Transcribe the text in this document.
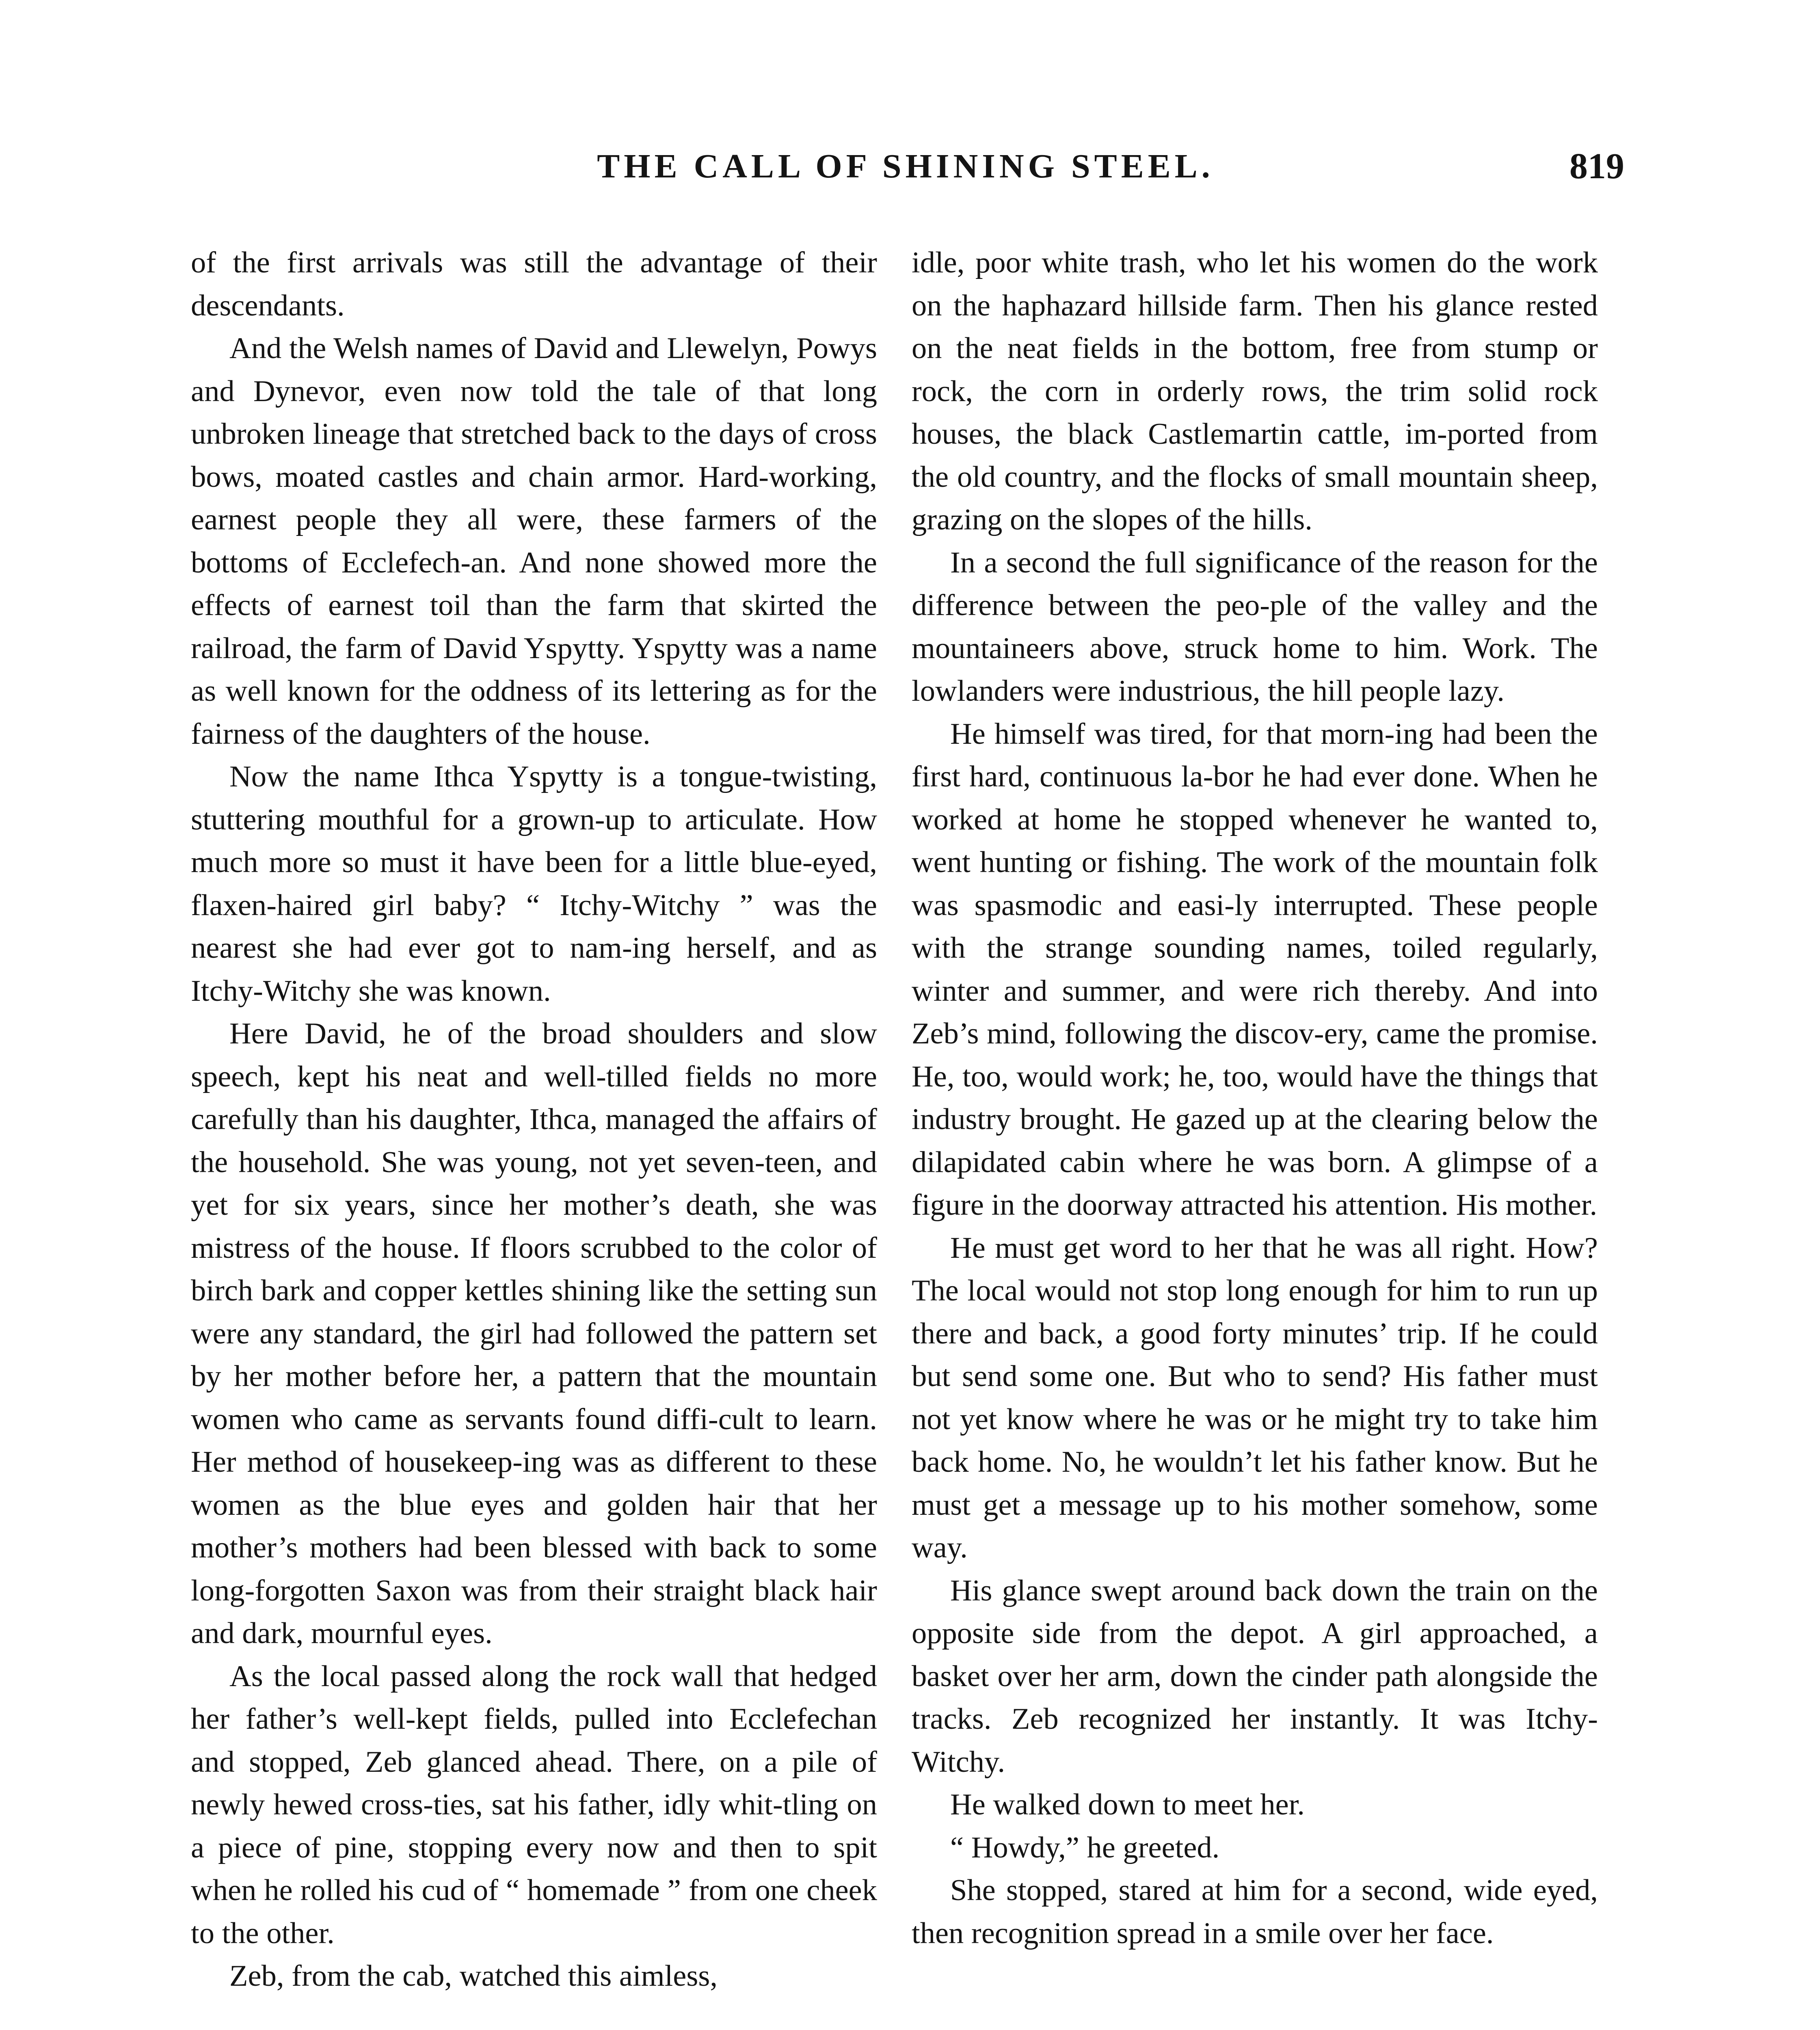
THE CALL OF SHINING STEEL.	819

of the first arrivals was still the advantage of their descendants.

And the Welsh names of David and Llewelyn, Powys and Dynevor, even now told the tale of that long unbroken lineage that stretched back to the days of cross bows, moated castles and chain armor. Hard-working, earnest people they all were, these farmers of the bottoms of Ecclefech-an. And none showed more the effects of earnest toil than the farm that skirted the railroad, the farm of David Yspytty. Yspytty was a name as well known for the oddness of its lettering as for the fairness of the daughters of the house.

Now the name Ithca Yspytty is a tongue-twisting, stuttering mouthful for a grown-up to articulate. How much more so must it have been for a little blue-eyed, flaxen-haired girl baby? “ Itchy-Witchy ” was the nearest she had ever got to nam-ing herself, and as Itchy-Witchy she was known.

Here David, he of the broad shoulders and slow speech, kept his neat and well-tilled fields no more carefully than his daughter, Ithca, managed the affairs of the household. She was young, not yet seven-teen, and yet for six years, since her mother’s death, she was mistress of the house. If floors scrubbed to the color of birch bark and copper kettles shining like the setting sun were any standard, the girl had followed the pattern set by her mother before her, a pattern that the mountain women who came as servants found diffi-cult to learn. Her method of housekeep-ing was as different to these women as the blue eyes and golden hair that her mother’s mothers had been blessed with back to some long-forgotten Saxon was from their straight black hair and dark, mournful eyes.

As the local passed along the rock wall that hedged her father’s well-kept fields, pulled into Ecclefechan and stopped, Zeb glanced ahead. There, on a pile of newly hewed cross-ties, sat his father, idly whit-tling on a piece of pine, stopping every now and then to spit when he rolled his cud of “ homemade ” from one cheek to the other.

Zeb, from the cab, watched this aimless,

idle, poor white trash, who let his women do the work on the haphazard hillside farm. Then his glance rested on the neat fields in the bottom, free from stump or rock, the corn in orderly rows, the trim solid rock houses, the black Castlemartin cattle, im-ported from the old country, and the flocks of small mountain sheep, grazing on the slopes of the hills.

In a second the full significance of the reason for the difference between the peo-ple of the valley and the mountaineers above, struck home to him. Work. The lowlanders were industrious, the hill people lazy.

He himself was tired, for that morn-ing had been the first hard, continuous la-bor he had ever done. When he worked at home he stopped whenever he wanted to, went hunting or fishing. The work of the mountain folk was spasmodic and easi-ly interrupted. These people with the strange sounding names, toiled regularly, winter and summer, and were rich thereby. And into Zeb’s mind, following the discov-ery, came the promise. He, too, would work; he, too, would have the things that industry brought. He gazed up at the clearing below the dilapidated cabin where he was born. A glimpse of a figure in the doorway attracted his attention. His mother.

He must get word to her that he was all right. How? The local would not stop long enough for him to run up there and back, a good forty minutes’ trip. If he could but send some one. But who to send? His father must not yet know where he was or he might try to take him back home. No, he wouldn’t let his father know. But he must get a message up to his mother somehow, some way.

His glance swept around back down the train on the opposite side from the depot. A girl approached, a basket over her arm, down the cinder path alongside the tracks. Zeb recognized her instantly. It was Itchy-Witchy.

He walked down to meet her.

“ Howdy,” he greeted.

She stopped, stared at him for a second, wide eyed, then recognition spread in a smile over her face.
